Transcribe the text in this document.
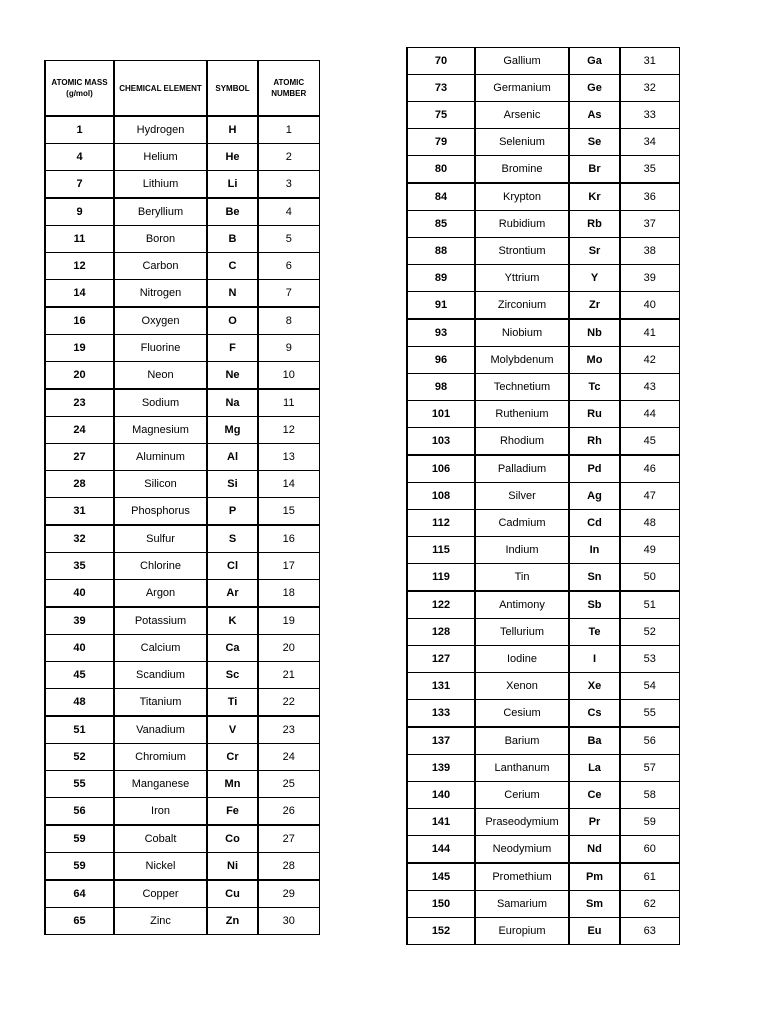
ATOMIC MASS (g/mol)	CHEMICAL ELEMENT	SYMBOL	ATOMIC NUMBER
1	Hydrogen	H	1
4	Helium	He	2
7	Lithium	Li	3
9	Beryllium	Be	4
11	Boron	B	5
12	Carbon	C	6
14	Nitrogen	N	7
16	Oxygen	O	8
19	Fluorine	F	9
20	Neon	Ne	10
23	Sodium	Na	11
24	Magnesium	Mg	12
27	Aluminum	Al	13
28	Silicon	Si	14
31	Phosphorus	P	15
32	Sulfur	S	16
35	Chlorine	Cl	17
40	Argon	Ar	18
39	Potassium	K	19
40	Calcium	Ca	20
45	Scandium	Sc	21
48	Titanium	Ti	22
51	Vanadium	V	23
52	Chromium	Cr	24
55	Manganese	Mn	25
56	Iron	Fe	26
59	Cobalt	Co	27
59	Nickel	Ni	28
64	Copper	Cu	29
65	Zinc	Zn	30
70	Gallium	Ga	31
73	Germanium	Ge	32
75	Arsenic	As	33
79	Selenium	Se	34
80	Bromine	Br	35
84	Krypton	Kr	36
85	Rubidium	Rb	37
88	Strontium	Sr	38
89	Yttrium	Y	39
91	Zirconium	Zr	40
93	Niobium	Nb	41
96	Molybdenum	Mo	42
98	Technetium	Tc	43
101	Ruthenium	Ru	44
103	Rhodium	Rh	45
106	Palladium	Pd	46
108	Silver	Ag	47
112	Cadmium	Cd	48
115	Indium	In	49
119	Tin	Sn	50
122	Antimony	Sb	51
128	Tellurium	Te	52
127	Iodine	I	53
131	Xenon	Xe	54
133	Cesium	Cs	55
137	Barium	Ba	56
139	Lanthanum	La	57
140	Cerium	Ce	58
141	Praseodymium	Pr	59
144	Neodymium	Nd	60
145	Promethium	Pm	61
150	Samarium	Sm	62
152	Europium	Eu	63
